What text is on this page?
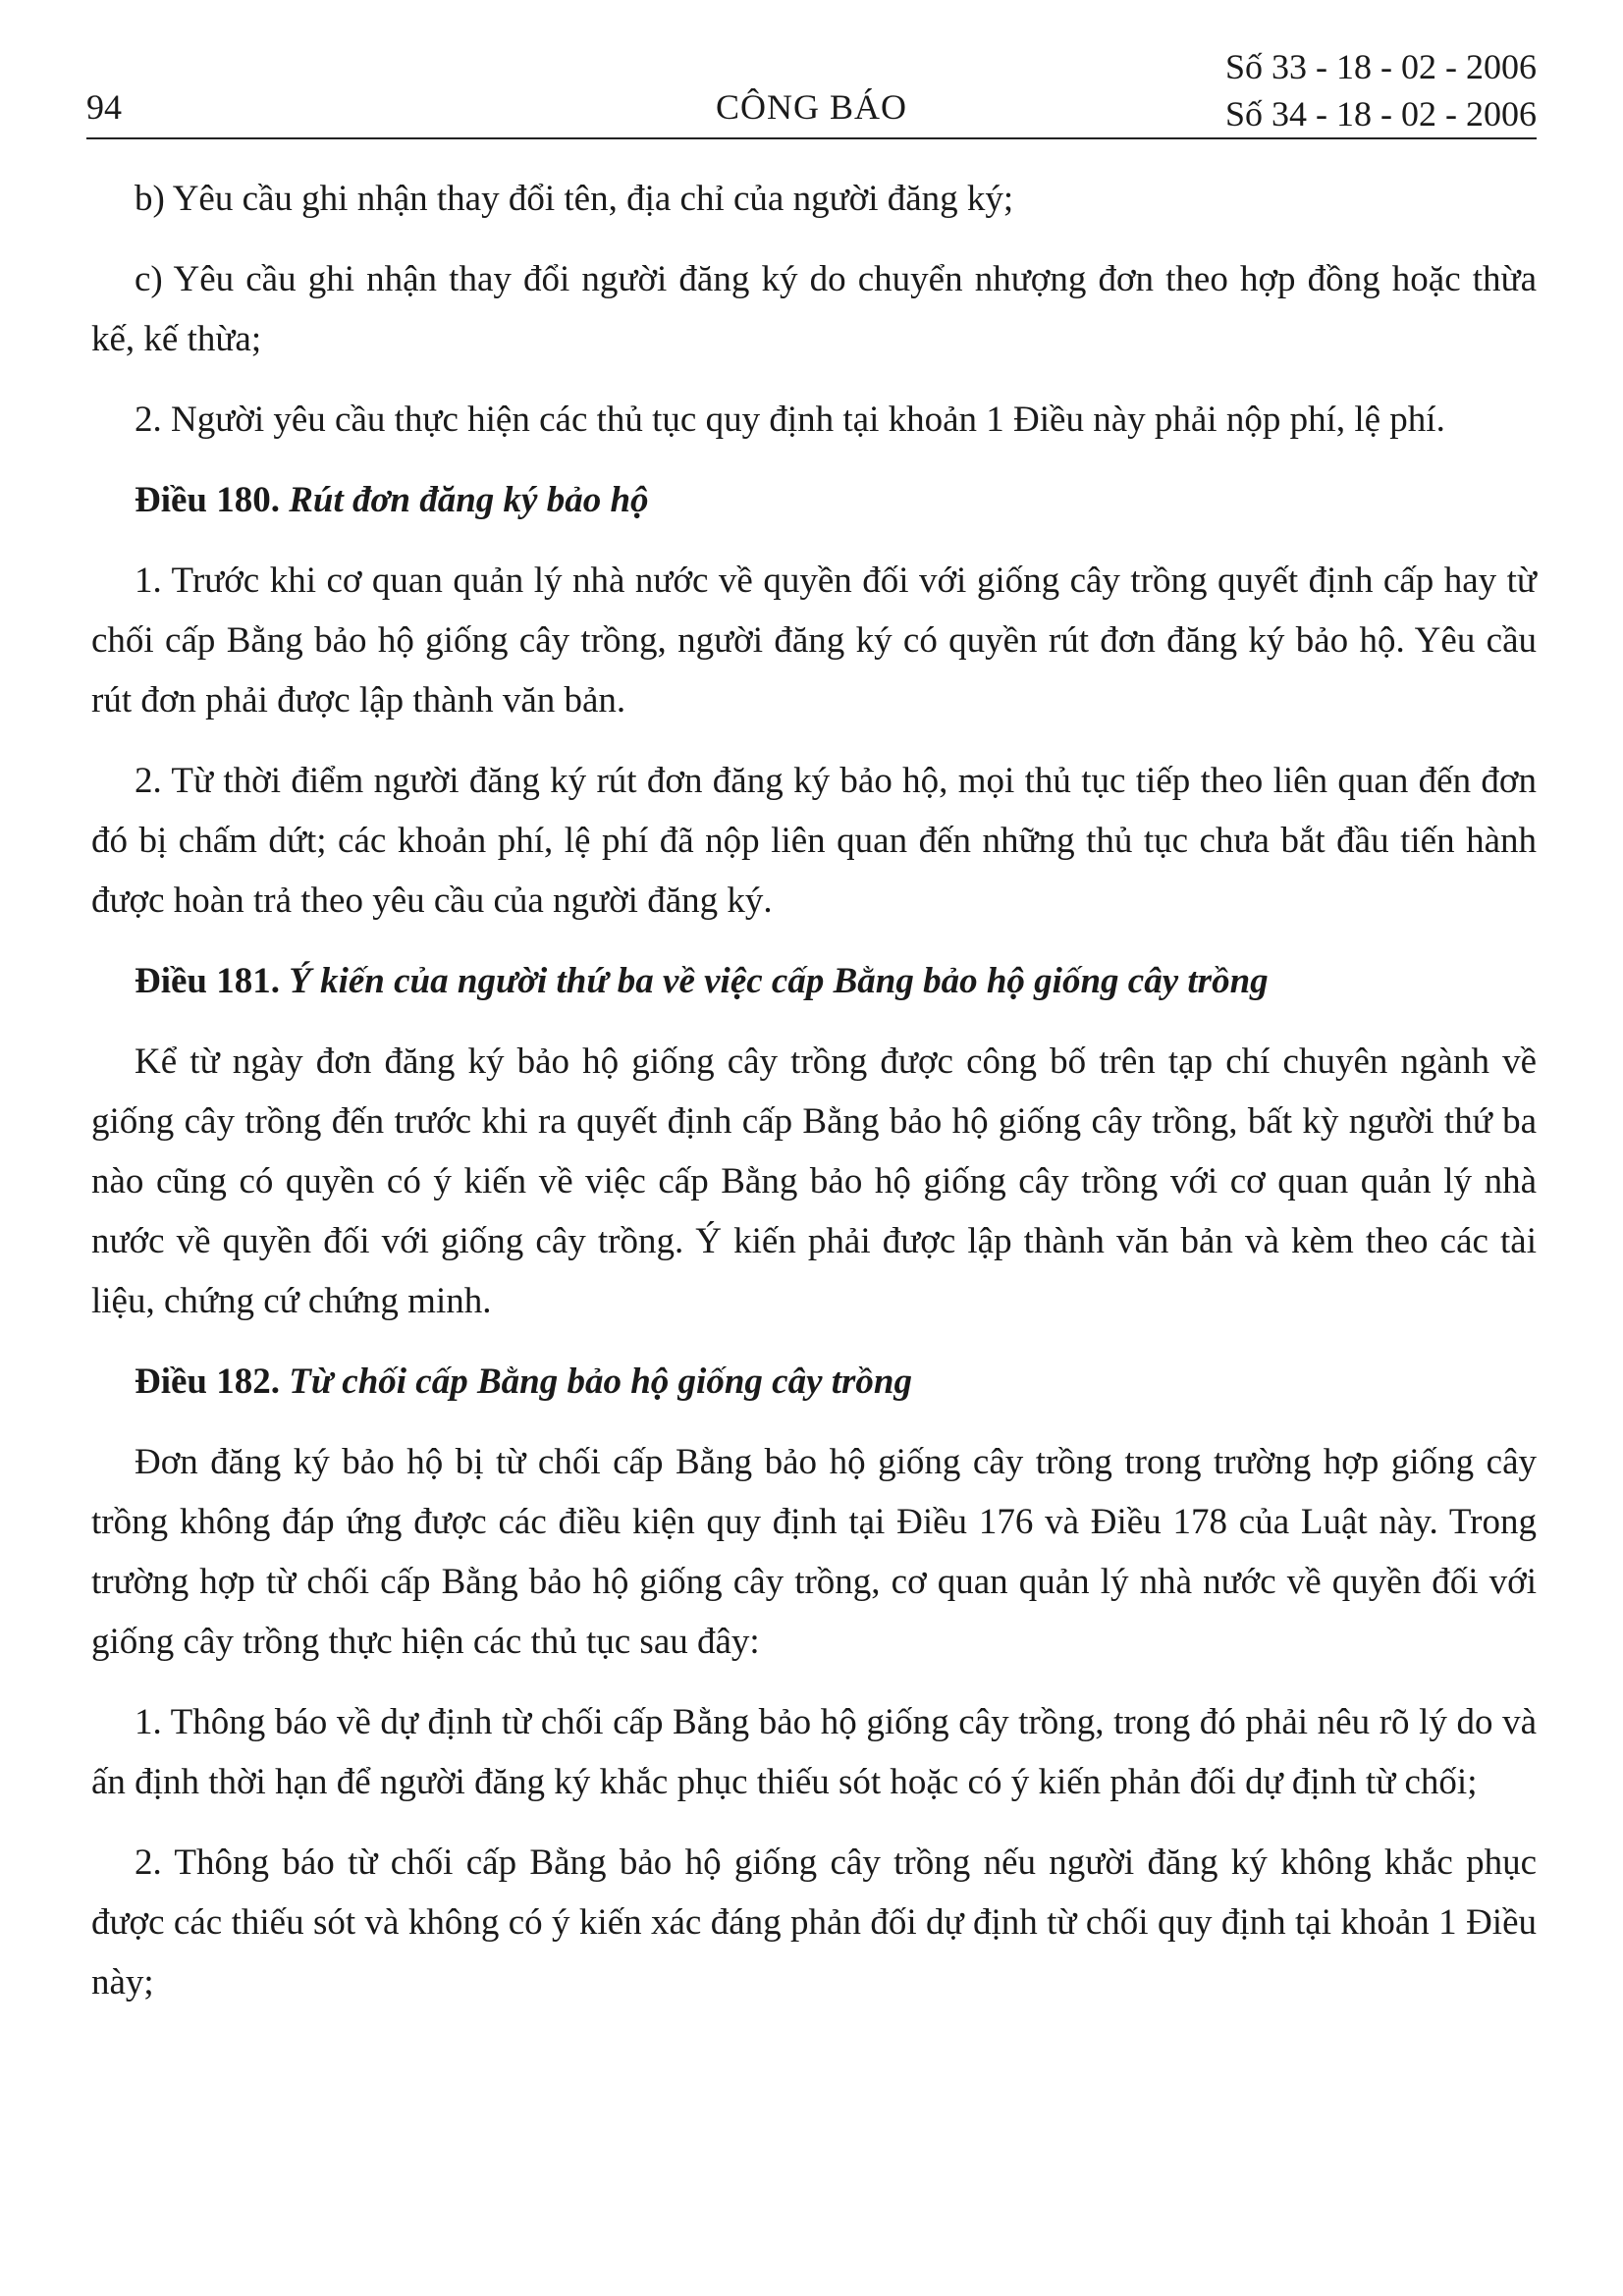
94	CÔNG BÁO
Số 33 - 18 - 02 - 2006
Số 34 - 18 - 02 - 2006

b) Yêu cầu ghi nhận thay đổi tên, địa chỉ của người đăng ký;

c) Yêu cầu ghi nhận thay đổi người đăng ký do chuyển nhượng đơn theo hợp đồng hoặc thừa kế, kế thừa;

2. Người yêu cầu thực hiện các thủ tục quy định tại khoản 1 Điều này phải nộp phí, lệ phí.

Điều 180. Rút đơn đăng ký bảo hộ

1. Trước khi cơ quan quản lý nhà nước về quyền đối với giống cây trồng quyết định cấp hay từ chối cấp Bằng bảo hộ giống cây trồng, người đăng ký có quyền rút đơn đăng ký bảo hộ. Yêu cầu rút đơn phải được lập thành văn bản.

2. Từ thời điểm người đăng ký rút đơn đăng ký bảo hộ, mọi thủ tục tiếp theo liên quan đến đơn đó bị chấm dứt; các khoản phí, lệ phí đã nộp liên quan đến những thủ tục chưa bắt đầu tiến hành được hoàn trả theo yêu cầu của người đăng ký.

Điều 181. Ý kiến của người thứ ba về việc cấp Bằng bảo hộ giống cây trồng

Kể từ ngày đơn đăng ký bảo hộ giống cây trồng được công bố trên tạp chí chuyên ngành về giống cây trồng đến trước khi ra quyết định cấp Bằng bảo hộ giống cây trồng, bất kỳ người thứ ba nào cũng có quyền có ý kiến về việc cấp Bằng bảo hộ giống cây trồng với cơ quan quản lý nhà nước về quyền đối với giống cây trồng. Ý kiến phải được lập thành văn bản và kèm theo các tài liệu, chứng cứ chứng minh.

Điều 182. Từ chối cấp Bằng bảo hộ giống cây trồng

Đơn đăng ký bảo hộ bị từ chối cấp Bằng bảo hộ giống cây trồng trong trường hợp giống cây trồng không đáp ứng được các điều kiện quy định tại Điều 176 và Điều 178 của Luật này. Trong trường hợp từ chối cấp Bằng bảo hộ giống cây trồng, cơ quan quản lý nhà nước về quyền đối với giống cây trồng thực hiện các thủ tục sau đây:

1. Thông báo về dự định từ chối cấp Bằng bảo hộ giống cây trồng, trong đó phải nêu rõ lý do và ấn định thời hạn để người đăng ký khắc phục thiếu sót hoặc có ý kiến phản đối dự định từ chối;

2. Thông báo từ chối cấp Bằng bảo hộ giống cây trồng nếu người đăng ký không khắc phục được các thiếu sót và không có ý kiến xác đáng phản đối dự định từ chối quy định tại khoản 1 Điều này;
